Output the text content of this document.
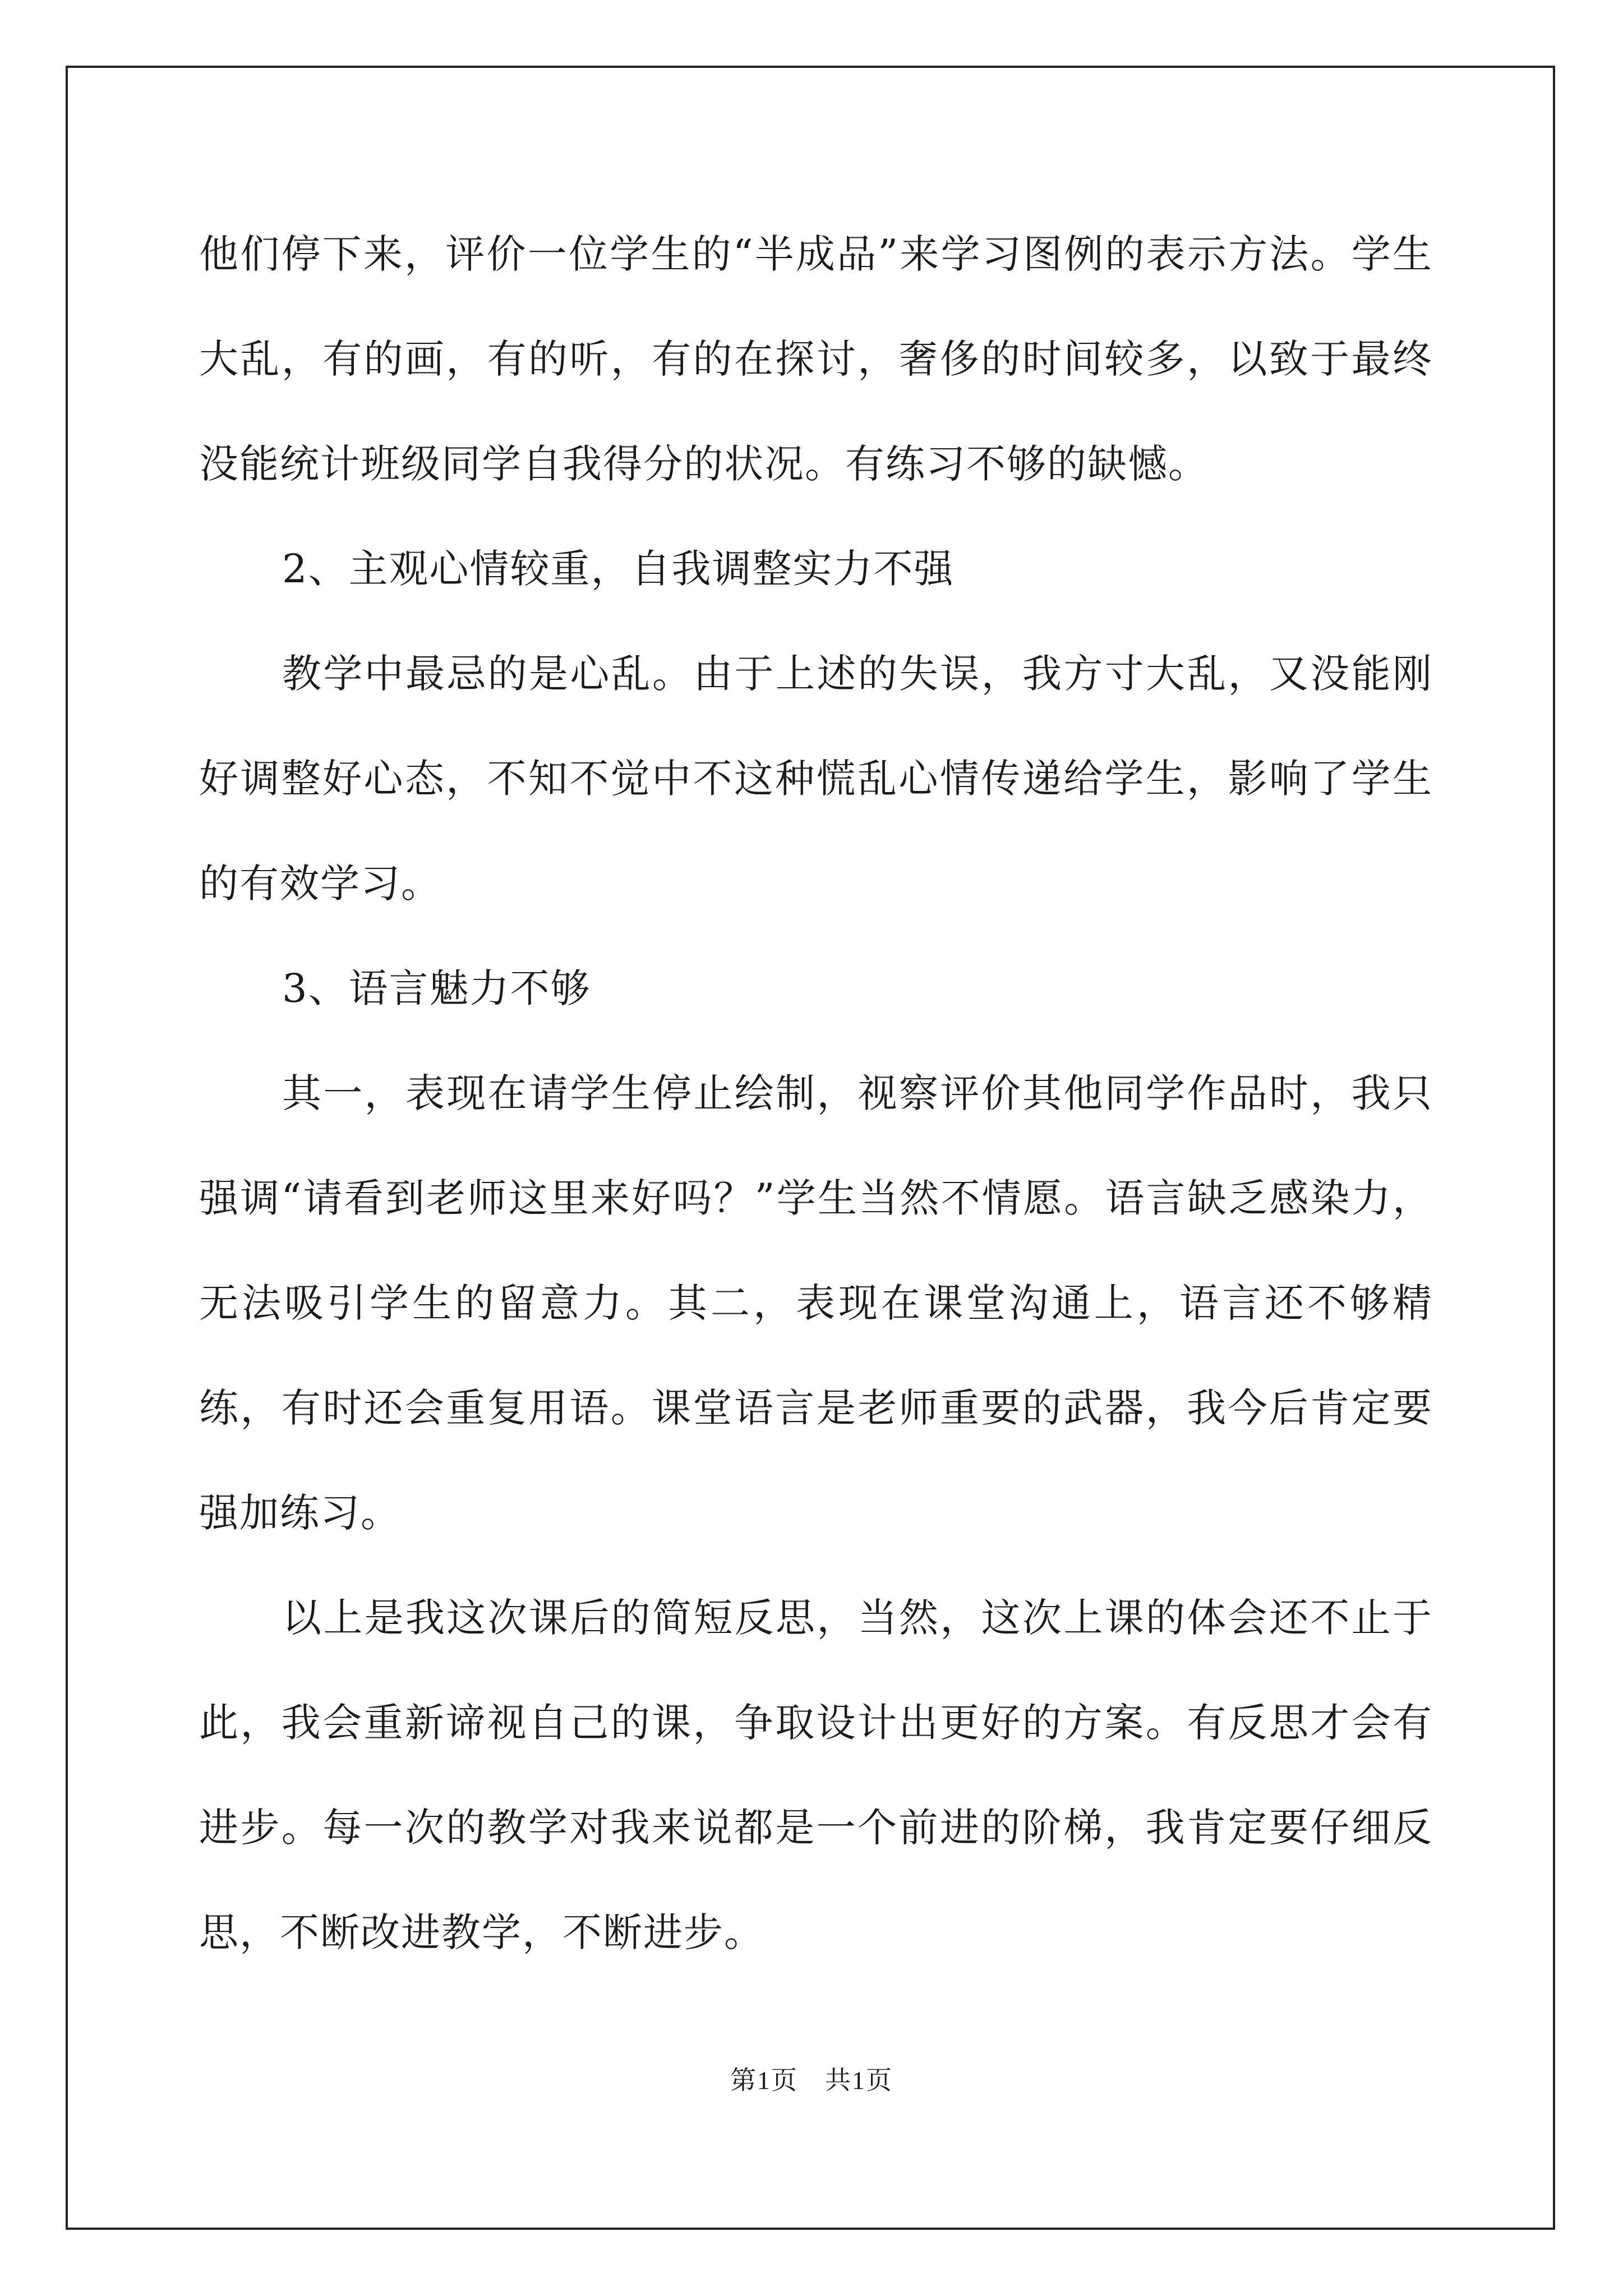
他们停下来，评价一位学生的“半成品”来学习图例的表示方法。学生大乱，有的画，有的听，有的在探讨，奢侈的时间较多，以致于最终没能统计班级同学自我得分的状况。有练习不够的缺憾。

2、主观心情较重，自我调整实力不强

教学中最忌的是心乱。由于上述的失误，我方寸大乱，又没能刚好调整好心态，不知不觉中不这种慌乱心情传递给学生，影响了学生的有效学习。

3、语言魅力不够

其一，表现在请学生停止绘制，视察评价其他同学作品时，我只强调“请看到老师这里来好吗？”学生当然不情愿。语言缺乏感染力，无法吸引学生的留意力。其二，表现在课堂沟通上，语言还不够精练，有时还会重复用语。课堂语言是老师重要的武器，我今后肯定要强加练习。

以上是我这次课后的简短反思，当然，这次上课的体会还不止于此，我会重新谛视自己的课，争取设计出更好的方案。有反思才会有进步。每一次的教学对我来说都是一个前进的阶梯，我肯定要仔细反思，不断改进教学，不断进步。

第1页 共1页
